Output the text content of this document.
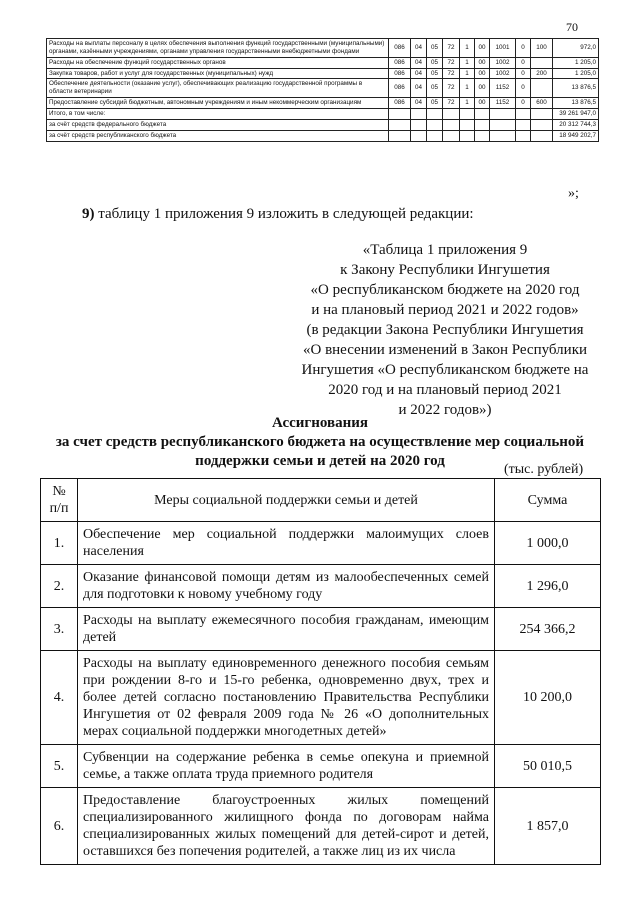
70
Расходы на выплаты персоналу в целях обеспечения выполнения функций государственными (муниципальными) органами, казёнными учреждениями, органами управления государственными внебюджетными фондами	086	04	05	72	1	00	1001	0	100	972,0
Расходы на обеспечение функций государственных органов	086	04	05	72	1	00	1002	0		1 205,0
Закупка товаров, работ и услуг для государственных (муниципальных) нужд	086	04	05	72	1	00	1002	0	200	1 205,0
Обеспечение деятельности (оказание услуг), обеспечивающих реализацию государственной программы в области ветеринарии	086	04	05	72	1	00	1152	0		13 876,5
Предоставление субсидий бюджетным, автономным учреждениям и иным некоммерческим организациям	086	04	05	72	1	00	1152	0	600	13 876,5
Итого, в том числе:										39 261 947,0
за счёт средств федерального бюджета										20 312 744,3
за счёт средств республиканского бюджета										18 949 202,7
»;
9) таблицу 1 приложения 9 изложить в следующей редакции:
«Таблица 1 приложения 9
к Закону Республики Ингушетия
«О республиканском бюджете на 2020 год
и на плановый период 2021 и 2022 годов»
(в редакции Закона Республики Ингушетия
«О внесении изменений в Закон Республики
Ингушетия «О республиканском бюджете на
2020 год и на плановый период 2021
и 2022 годов»)
Ассигнования
за счет средств республиканского бюджета на осуществление мер социальной
поддержки семьи и детей на 2020 год
(тыс. рублей)
№ п/п	Меры социальной поддержки семьи и детей	Сумма
1.	Обеспечение мер социальной поддержки малоимущих слоев населения	1 000,0
2.	Оказание финансовой помощи детям из малообеспеченных семей для подготовки к новому учебному году	1 296,0
3.	Расходы на выплату ежемесячного пособия гражданам, имеющим детей	254 366,2
4.	Расходы на выплату единовременного денежного пособия семьям при рождении 8-го и 15-го ребенка, одновременно двух, трех и более детей согласно постановлению Правительства Республики Ингушетия от 02 февраля 2009 года № 26 «О дополнительных мерах социальной поддержки многодетных детей»	10 200,0
5.	Субвенции на содержание ребенка в семье опекуна и приемной семье, а также оплата труда приемного родителя	50 010,5
6.	Предоставление благоустроенных жилых помещений специализированного жилищного фонда по договорам найма специализированных жилых помещений для детей-сирот и детей, оставшихся без попечения родителей, а также лиц из их числа	1 857,0
